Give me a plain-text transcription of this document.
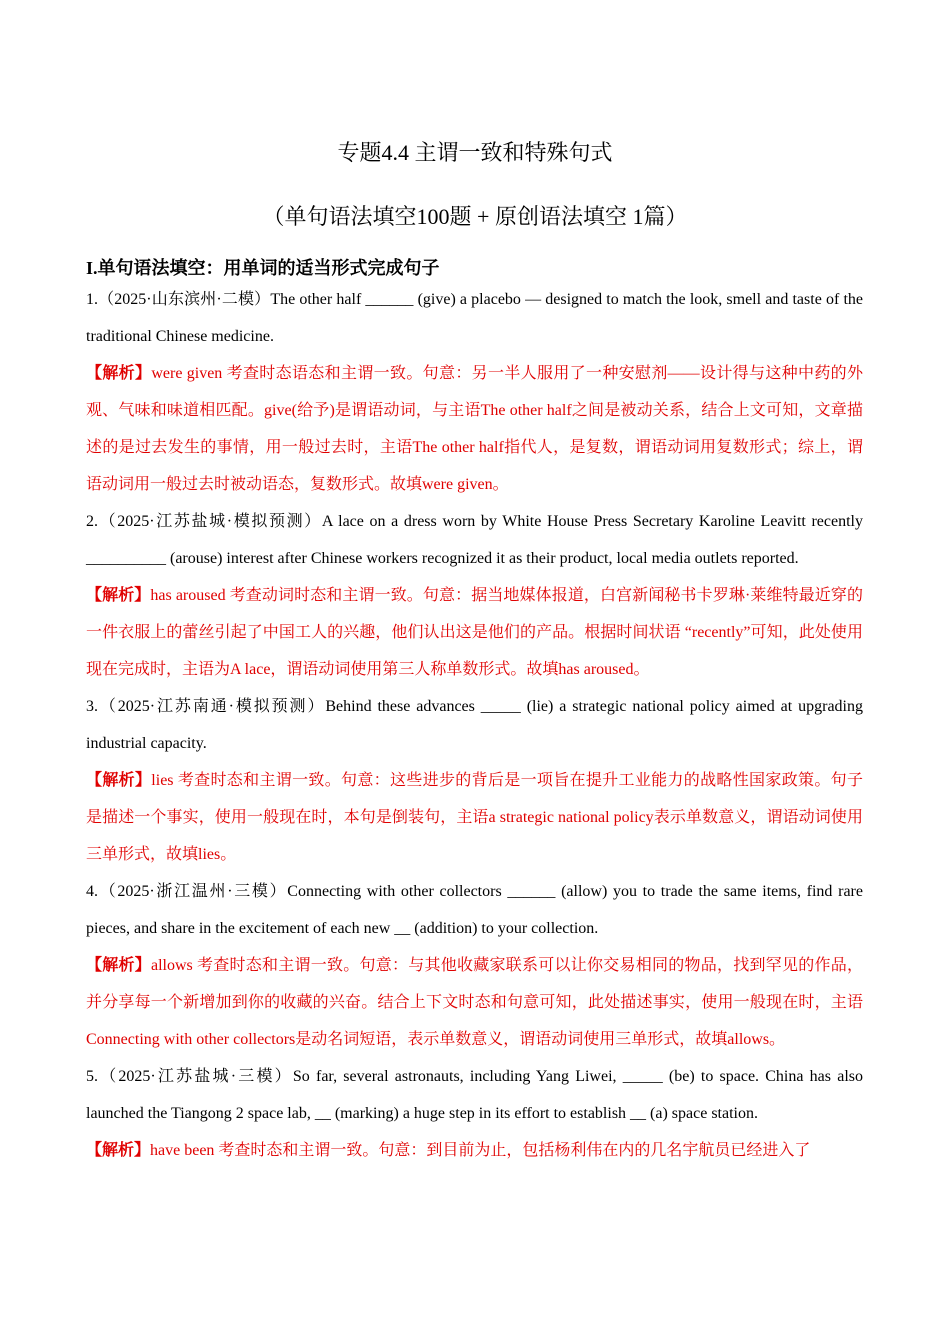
专题4.4 主谓一致和特殊句式
（单句语法填空100题 + 原创语法填空 1篇）
I.单句语法填空：用单词的适当形式完成句子

1.（2025·山东滨州·二模）The other half ______ (give) a placebo — designed to match the look, smell and taste of the traditional Chinese medicine.

【解析】were given 考查时态语态和主谓一致。句意：另一半人服用了一种安慰剂——设计得与这种中药的外观、气味和味道相匹配。give(给予)是谓语动词，与主语The other half之间是被动关系，结合上文可知，文章描述的是过去发生的事情，用一般过去时，主语The other half指代人，是复数，谓语动词用复数形式；综上，谓语动词用一般过去时被动语态，复数形式。故填were given。

2.（2025·江苏盐城·模拟预测）A lace on a dress worn by White House Press Secretary Karoline Leavitt recently __________ (arouse) interest after Chinese workers recognized it as their product, local media outlets reported.

【解析】has aroused 考查动词时态和主谓一致。句意：据当地媒体报道，白宫新闻秘书卡罗琳·莱维特最近穿的一件衣服上的蕾丝引起了中国工人的兴趣，他们认出这是他们的产品。根据时间状语 “recently”可知，此处使用现在完成时，主语为A lace，谓语动词使用第三人称单数形式。故填has aroused。

3.（2025·江苏南通·模拟预测）Behind these advances _____ (lie) a strategic national policy aimed at upgrading industrial capacity.

【解析】lies 考查时态和主谓一致。句意：这些进步的背后是一项旨在提升工业能力的战略性国家政策。句子是描述一个事实，使用一般现在时，本句是倒装句，主语a strategic national policy表示单数意义，谓语动词使用三单形式，故填lies。

4.（2025·浙江温州·三模）Connecting with other collectors ______ (allow) you to trade the same items, find rare pieces, and share in the excitement of each new __ (addition) to your collection.

【解析】allows 考查时态和主谓一致。句意：与其他收藏家联系可以让你交易相同的物品，找到罕见的作品，并分享每一个新增加到你的收藏的兴奋。结合上下文时态和句意可知，此处描述事实，使用一般现在时，主语Connecting with other collectors是动名词短语，表示单数意义，谓语动词使用三单形式，故填allows。

5.（2025·江苏盐城·三模）So far, several astronauts, including Yang Liwei, _____ (be) to space. China has also launched the Tiangong 2 space lab, __ (marking) a huge step in its effort to establish __ (a) space station.

【解析】have been 考查时态和主谓一致。句意：到目前为止，包括杨利伟在内的几名宇航员已经进入了
